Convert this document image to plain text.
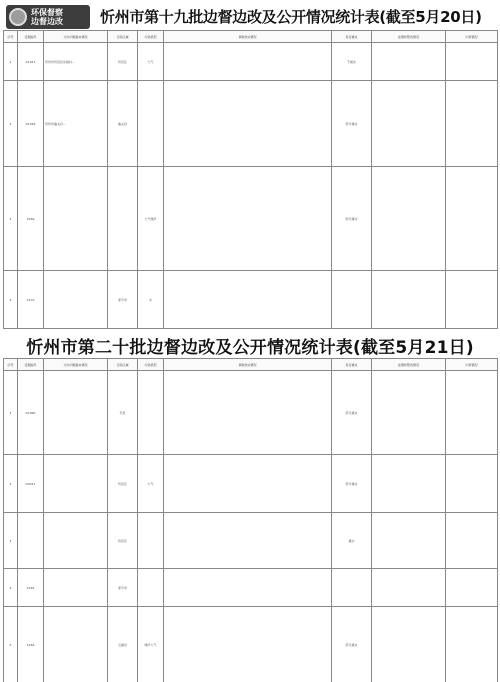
环保督察
边督边改 忻州市第十九批边督边改及公开情况统计表(截至5月20日)
序号	受理编号	交办问题基本情况	行政区域	污染类型	调查核实情况	是否属实	处理和整改情况	问责情况
1	D1917	忻州市忻府区东楼村…	忻府区	大气		不属实		
2	D1918	忻州市偏关县…	偏关县			部分属实		
3	X169			大气噪声		部分属实		
4	X170		原平市	水				
忻州市第二十批边督边改及公开情况统计表(截至5月21日)
序号	受理编号	交办问题基本情况	行政区域	污染类型	调查核实情况	是否属实	处理和整改情况	问责情况
1	D1990		代县			部分属实		
2	D2017		忻府区	大气		部分属实		
3			忻府区			属实		
4	X181		原平市					
5	X164		五寨县	噪声大气		部分属实		
